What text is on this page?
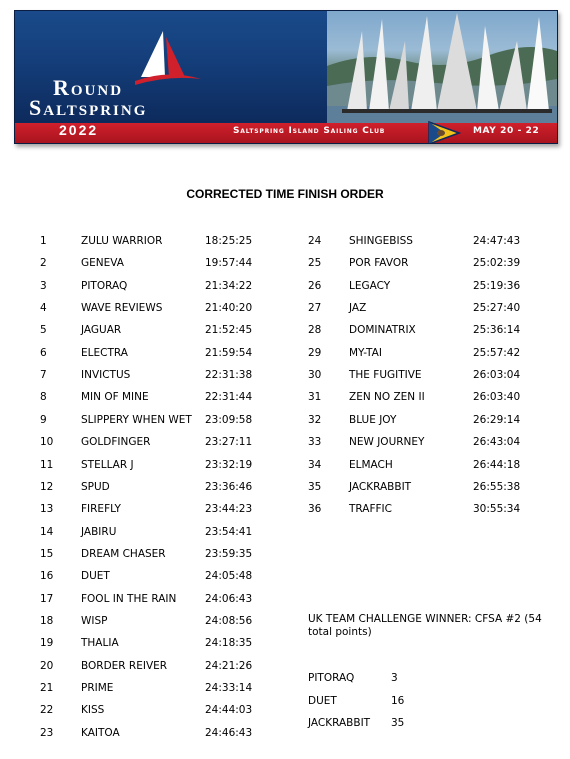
Round
Saltspring
2022	Saltspring Island Sailing Club	MAY 20 - 22
CORRECTED TIME FINISH ORDER
1	ZULU WARRIOR	18:25:25
2	GENEVA	19:57:44
3	PITORAQ	21:34:22
4	WAVE REVIEWS	21:40:20
5	JAGUAR	21:52:45
6	ELECTRA	21:59:54
7	INVICTUS	22:31:38
8	MIN OF MINE	22:31:44
9	SLIPPERY WHEN WET 23:09:58
10	GOLDFINGER	23:27:11
11	STELLAR J	23:32:19
12	SPUD	23:36:46
13	FIREFLY	23:44:23
14	JABIRU	23:54:41
15	DREAM CHASER	23:59:35
16	DUET	24:05:48
17	FOOL IN THE RAIN	24:06:43
18	WISP	24:08:56
19	THALIA	24:18:35
20	BORDER REIVER	24:21:26
21	PRIME	24:33:14
22	KISS	24:44:03
23	KAITOA	24:46:43
24	SHINGEBISS	24:47:43
25	POR FAVOR	25:02:39
26	LEGACY	25:19:36
27	JAZ	25:27:40
28	DOMINATRIX	25:36:14
29	MY-TAI	25:57:42
30	THE FUGITIVE	26:03:04
31	ZEN NO ZEN II	26:03:40
32	BLUE JOY	26:29:14
33	NEW JOURNEY	26:43:04
34	ELMACH	26:44:18
35	JACKRABBIT	26:55:38
36	TRAFFIC	30:55:34
UK TEAM CHALLENGE WINNER: CFSA #2 (54 total points)
PITORAQ	3
DUET	16
JACKRABBIT 35
